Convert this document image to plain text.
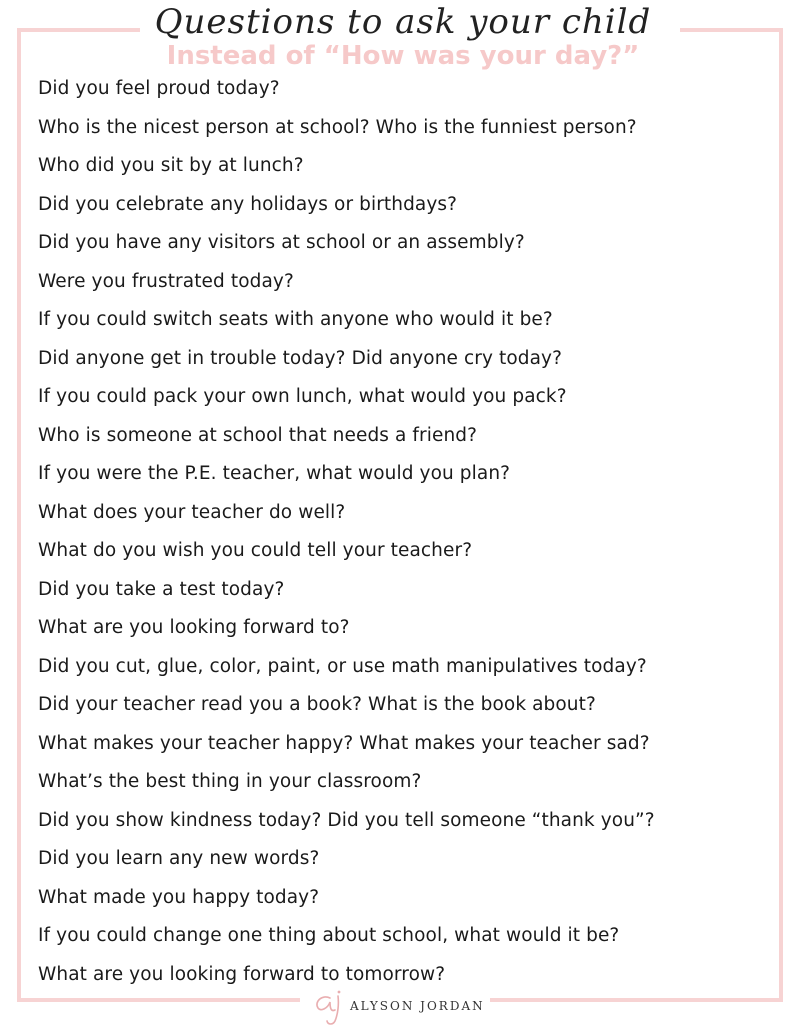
Questions to ask your child
Instead of “How was your day?”
Did you feel proud today?
Who is the nicest person at school? Who is the funniest person?
Who did you sit by at lunch?
Did you celebrate any holidays or birthdays?
Did you have any visitors at school or an assembly?
Were you frustrated today?
If you could switch seats with anyone who would it be?
Did anyone get in trouble today? Did anyone cry today?
If you could pack your own lunch, what would you pack?
Who is someone at school that needs a friend?
If you were the P.E. teacher, what would you plan?
What does your teacher do well?
What do you wish you could tell your teacher?
Did you take a test today?
What are you looking forward to?
Did you cut, glue, color, paint, or use math manipulatives today?
Did your teacher read you a book? What is the book about?
What makes your teacher happy? What makes your teacher sad?
What’s the best thing in your classroom?
Did you show kindness today? Did you tell someone “thank you”?
Did you learn any new words?
What made you happy today?
If you could change one thing about school, what would it be?
What are you looking forward to tomorrow?
ALYSON JORDAN
